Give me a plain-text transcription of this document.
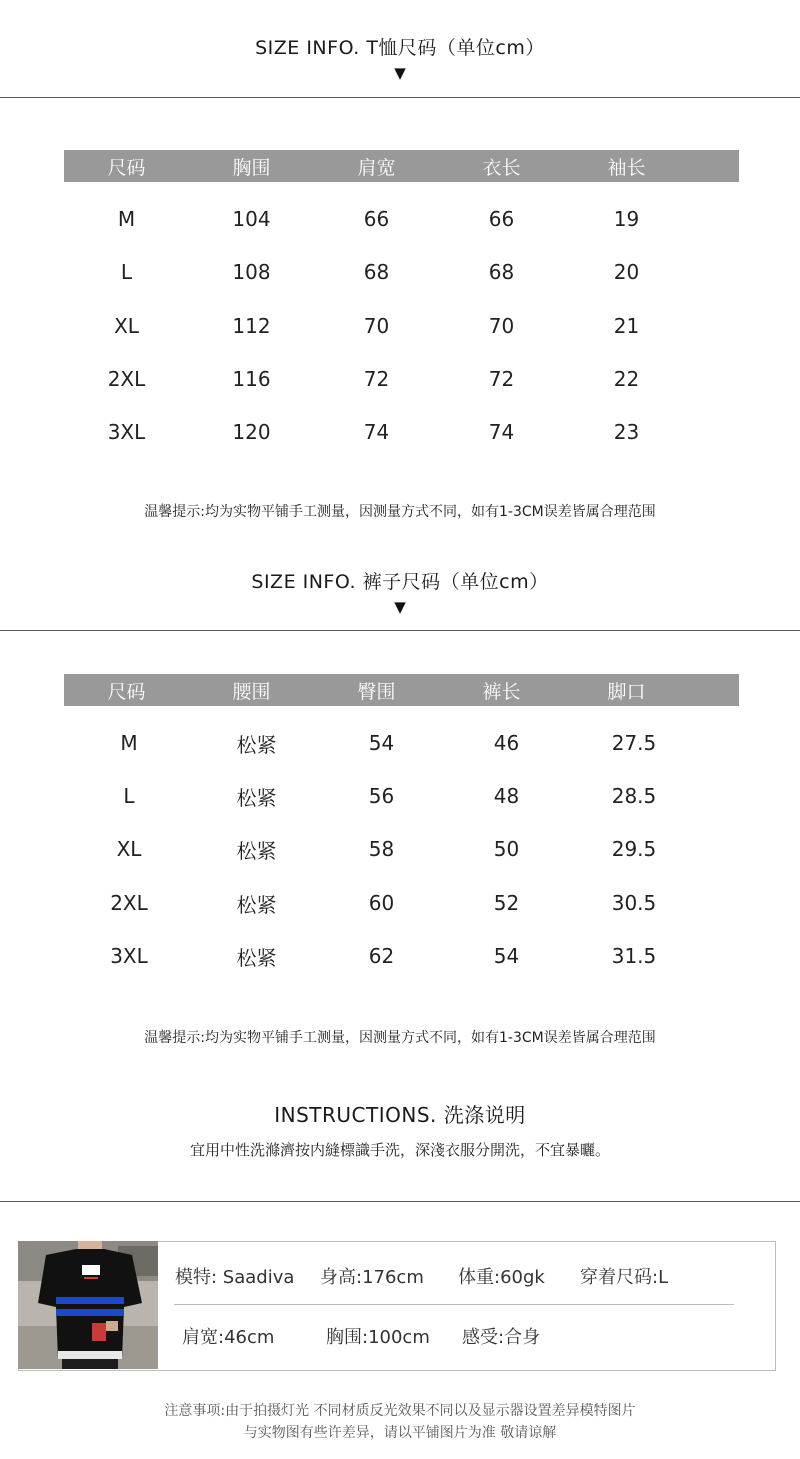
SIZE INFO. T恤尺码（单位cm）
▼
尺码	胸围	肩宽	衣长	袖长
M	104	66	66	19
L	108	68	68	20
XL	112	70	70	21
2XL	116	72	72	22
3XL	120	74	74	23
温馨提示:均为实物平铺手工测量，因测量方式不同，如有1-3CM误差皆属合理范围
SIZE INFO. 裤子尺码（单位cm）
▼
尺码	腰围	臀围	裤长	脚口
M	松紧	54	46	27.5
L	松紧	56	48	28.5
XL	松紧	58	50	29.5
2XL	松紧	60	52	30.5
3XL	松紧	62	54	31.5
温馨提示:均为实物平铺手工测量，因测量方式不同，如有1-3CM误差皆属合理范围
INSTRUCTIONS. 洗涤说明
宜用中性洗滌濟按内縫標識手洗，深淺衣服分開洗，不宜暴曬。
模特: Saadiva 身高:176cm 体重:60gk 穿着尺码:L
肩宽:46cm	胸围:100cm 感受:合身
注意事项:由于拍摄灯光 不同材质反光效果不同以及显示器设置差异模特图片
与实物图有些许差异，请以平铺图片为准 敬请谅解
